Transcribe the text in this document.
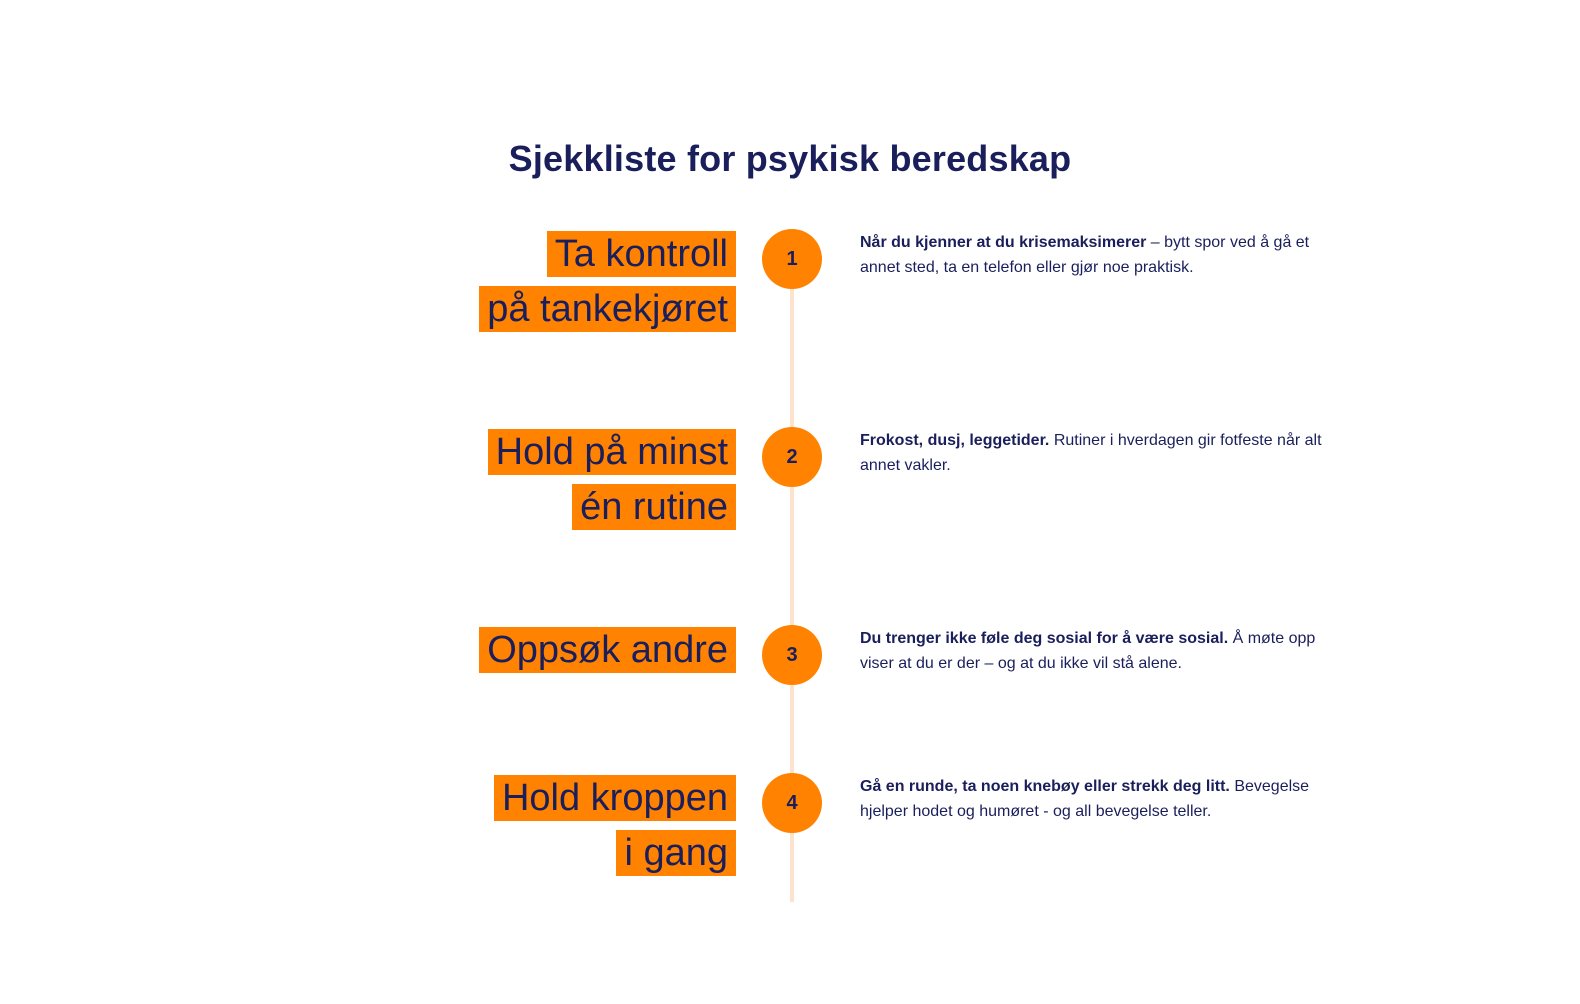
Sjekkliste for psykisk beredskap
Ta kontroll
på tankekjøret
1
Når du kjenner at du krisemaksimerer – bytt spor ved å gå et annet sted, ta en telefon eller gjør noe praktisk.
Hold på minst
én rutine
2
Frokost, dusj, leggetider. Rutiner i hverdagen gir fotfeste når alt annet vakler.
Oppsøk andre	3
Du trenger ikke føle deg sosial for å være sosial. Å møte opp viser at du er der – og at du ikke vil stå alene.
Hold kroppen
i gang
4
Gå en runde, ta noen knebøy eller strekk deg litt. Bevegelse hjelper hodet og humøret - og all bevegelse teller.
